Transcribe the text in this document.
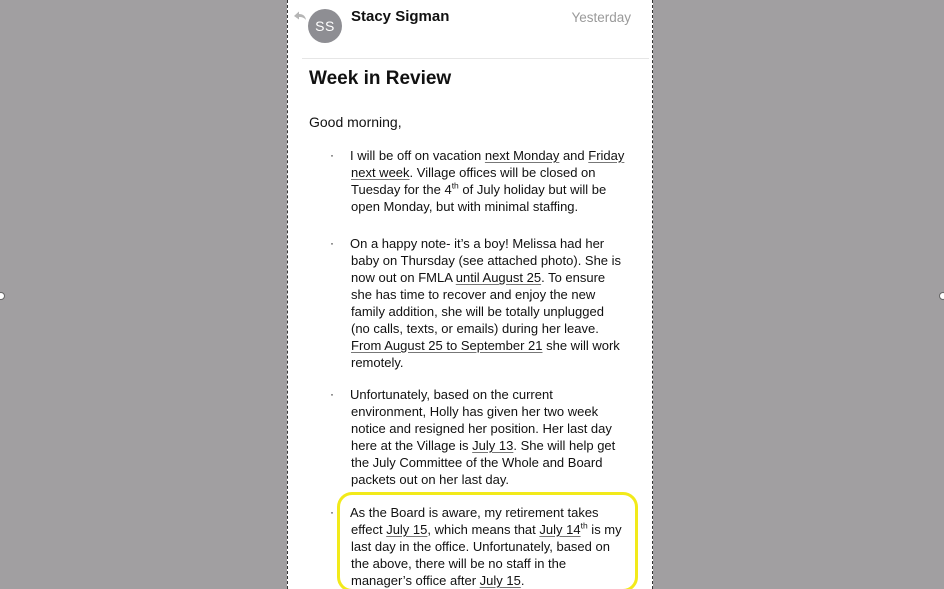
SS
Stacy Sigman	Yesterday
Week in Review
Good morning,
·	I will be off on vacation next Monday and Friday
next week. Village offices will be closed on
Tuesday for the 4th of July holiday but will be
open Monday, but with minimal staffing.
·	On a happy note- it’s a boy! Melissa had her
baby on Thursday (see attached photo). She is
now out on FMLA until August 25. To ensure
she has time to recover and enjoy the new
family addition, she will be totally unplugged
(no calls, texts, or emails) during her leave.
From August 25 to September 21 she will work
remotely.
·	Unfortunately, based on the current
environment, Holly has given her two week
notice and resigned her position. Her last day
here at the Village is July 13. She will help get
the July Committee of the Whole and Board
packets out on her last day.
·	As the Board is aware, my retirement takes
effect July 15, which means that July 14th is my
last day in the office. Unfortunately, based on
the above, there will be no staff in the
manager’s office after July 15.
